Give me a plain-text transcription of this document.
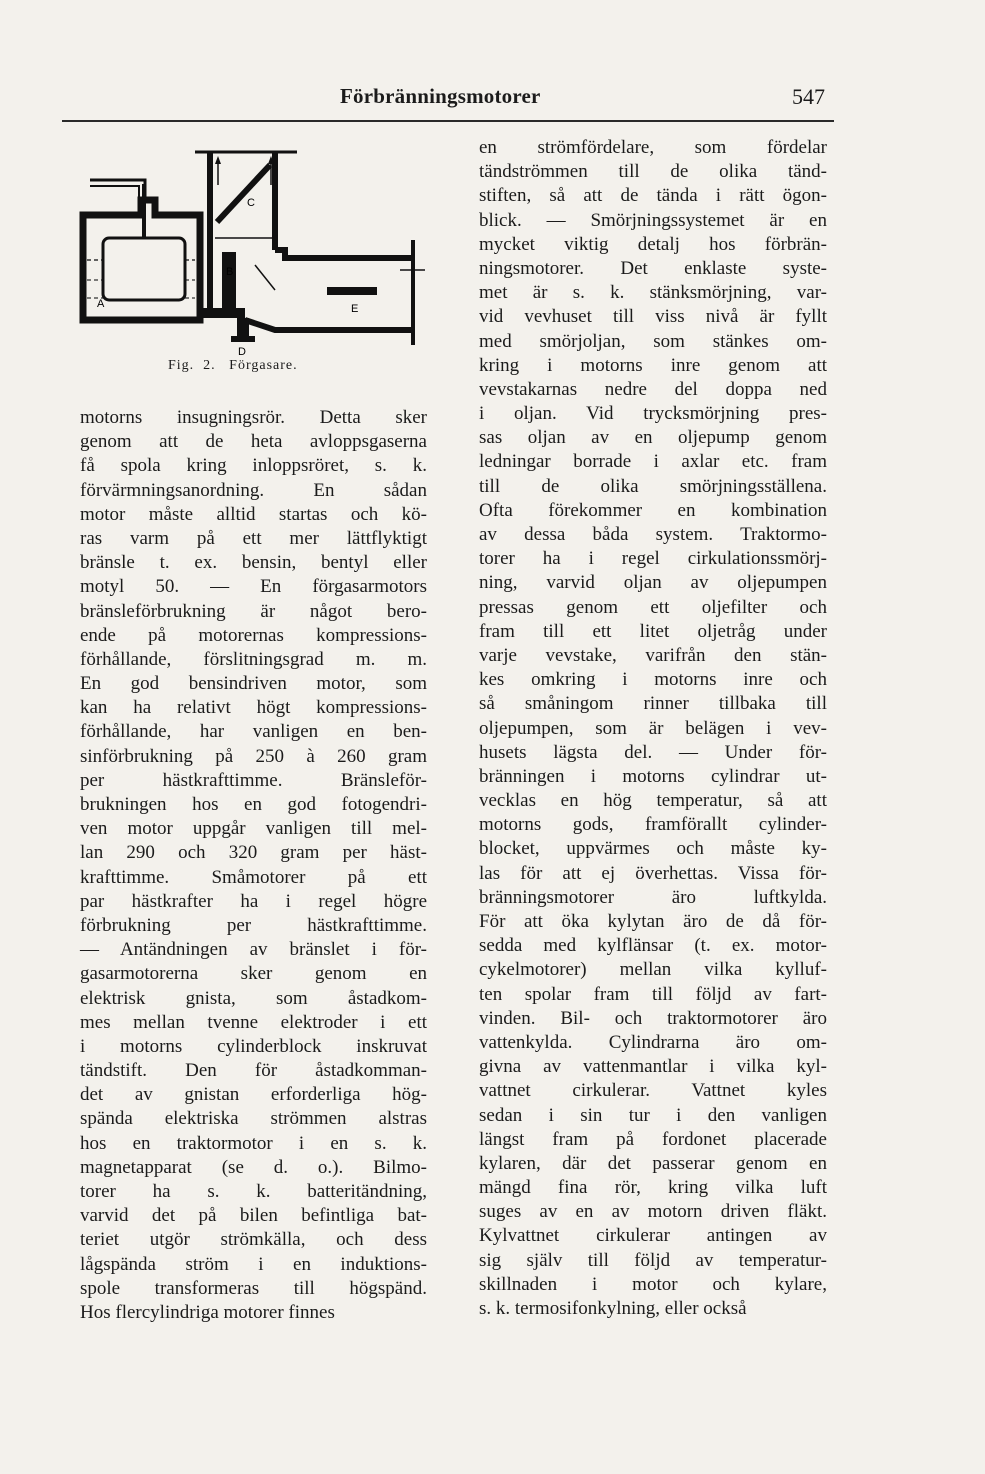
Förbränningsmotorer	547
A
B
C
D
E
Fig.  2.   Förgasare.
motorns insugningsrör. Detta sker
genom att de heta avloppsgaserna
få spola kring inloppsröret, s. k.
förvärmningsanordning. En sådan
motor måste alltid startas och kö-
ras varm på ett mer lättflyktigt
bränsle t. ex. bensin, bentyl eller
motyl 50. — En förgasarmotors
bränsleförbrukning är något bero-
ende på motorernas kompressions-
förhållande, förslitningsgrad m. m.
En god bensindriven motor, som
kan ha relativt högt kompressions-
förhållande, har vanligen en ben-
sinförbrukning på 250 à 260 gram
per hästkrafttimme. Bränsleför-
brukningen hos en god fotogendri-
ven motor uppgår vanligen till mel-
lan 290 och 320 gram per häst-
krafttimme. Småmotorer på ett
par hästkrafter ha i regel högre
förbrukning per hästkrafttimme.
— Antändningen av bränslet i för-
gasarmotorerna sker genom en
elektrisk gnista, som åstadkom-
mes mellan tvenne elektroder i ett
i motorns cylinderblock inskruvat
tändstift. Den för åstadkomman-
det av gnistan erforderliga hög-
spända elektriska strömmen alstras
hos en traktormotor i en s. k.
magnetapparat (se d. o.). Bilmo-
torer ha s. k. batteritändning,
varvid det på bilen befintliga bat-
teriet utgör strömkälla, och dess
lågspända ström i en induktions-
spole transformeras till högspänd.
Hos flercylindriga motorer finnes
en strömfördelare, som fördelar
tändströmmen till de olika tänd-
stiften, så att de tända i rätt ögon-
blick. — Smörjningssystemet är en
mycket viktig detalj hos förbrän-
ningsmotorer. Det enklaste syste-
met är s. k. stänksmörjning, var-
vid vevhuset till viss nivå är fyllt
med smörjoljan, som stänkes om-
kring i motorns inre genom att
vevstakarnas nedre del doppa ned
i oljan. Vid trycksmörjning pres-
sas oljan av en oljepump genom
ledningar borrade i axlar etc. fram
till de olika smörjningsställena.
Ofta förekommer en kombination
av dessa båda system. Traktormo-
torer ha i regel cirkulationssmörj-
ning, varvid oljan av oljepumpen
pressas genom ett oljefilter och
fram till ett litet oljetråg under
varje vevstake, varifrån den stän-
kes omkring i motorns inre och
så småningom rinner tillbaka till
oljepumpen, som är belägen i vev-
husets lägsta del. — Under för-
bränningen i motorns cylindrar ut-
vecklas en hög temperatur, så att
motorns gods, framförallt cylinder-
blocket, uppvärmes och måste ky-
las för att ej överhettas. Vissa för-
bränningsmotorer äro luftkylda.
För att öka kylytan äro de då för-
sedda med kylflänsar (t. ex. motor-
cykelmotorer) mellan vilka kylluf-
ten spolar fram till följd av fart-
vinden. Bil- och traktormotorer äro
vattenkylda. Cylindrarna äro om-
givna av vattenmantlar i vilka kyl-
vattnet cirkulerar. Vattnet kyles
sedan i sin tur i den vanligen
längst fram på fordonet placerade
kylaren, där det passerar genom en
mängd fina rör, kring vilka luft
suges av en av motorn driven fläkt.
Kylvattnet cirkulerar antingen av
sig själv till följd av temperatur-
skillnaden i motor och kylare,
s. k. termosifonkylning, eller också
